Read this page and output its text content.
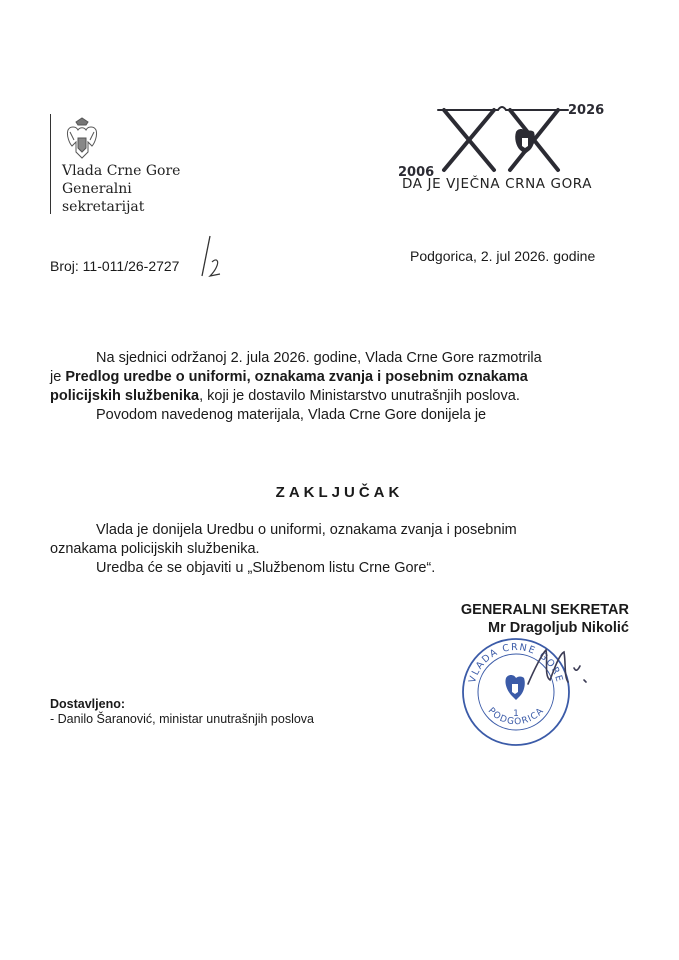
Vlada Crne Gore
Generalni
sekretarijat
2026
2006
DA JE VJEČNA CRNA GORA
Broj: 11-011/26-2727
Podgorica, 2. jul 2026. godine
Na sjednici održanoj 2. jula 2026. godine, Vlada Crne Gore razmotrila
je Predlog uredbe o uniformi, oznakama zvanja i posebnim oznakama
policijskih službenika, koji je dostavilo Ministarstvo unutrašnjih poslova.
Povodom navedenog materijala, Vlada Crne Gore donijela je
ZAKLJUČAK
Vlada je donijela Uredbu o uniformi, oznakama zvanja i posebnim
oznakama policijskih službenika.
Uredba će se objaviti u „Službenom listu Crne Gore“.
GENERALNI SEKRETAR
Mr Dragoljub Nikolić
VLADA CRNE GORE
1
PODGORICA
Dostavljeno:
- Danilo Šaranović, ministar unutrašnjih poslova
